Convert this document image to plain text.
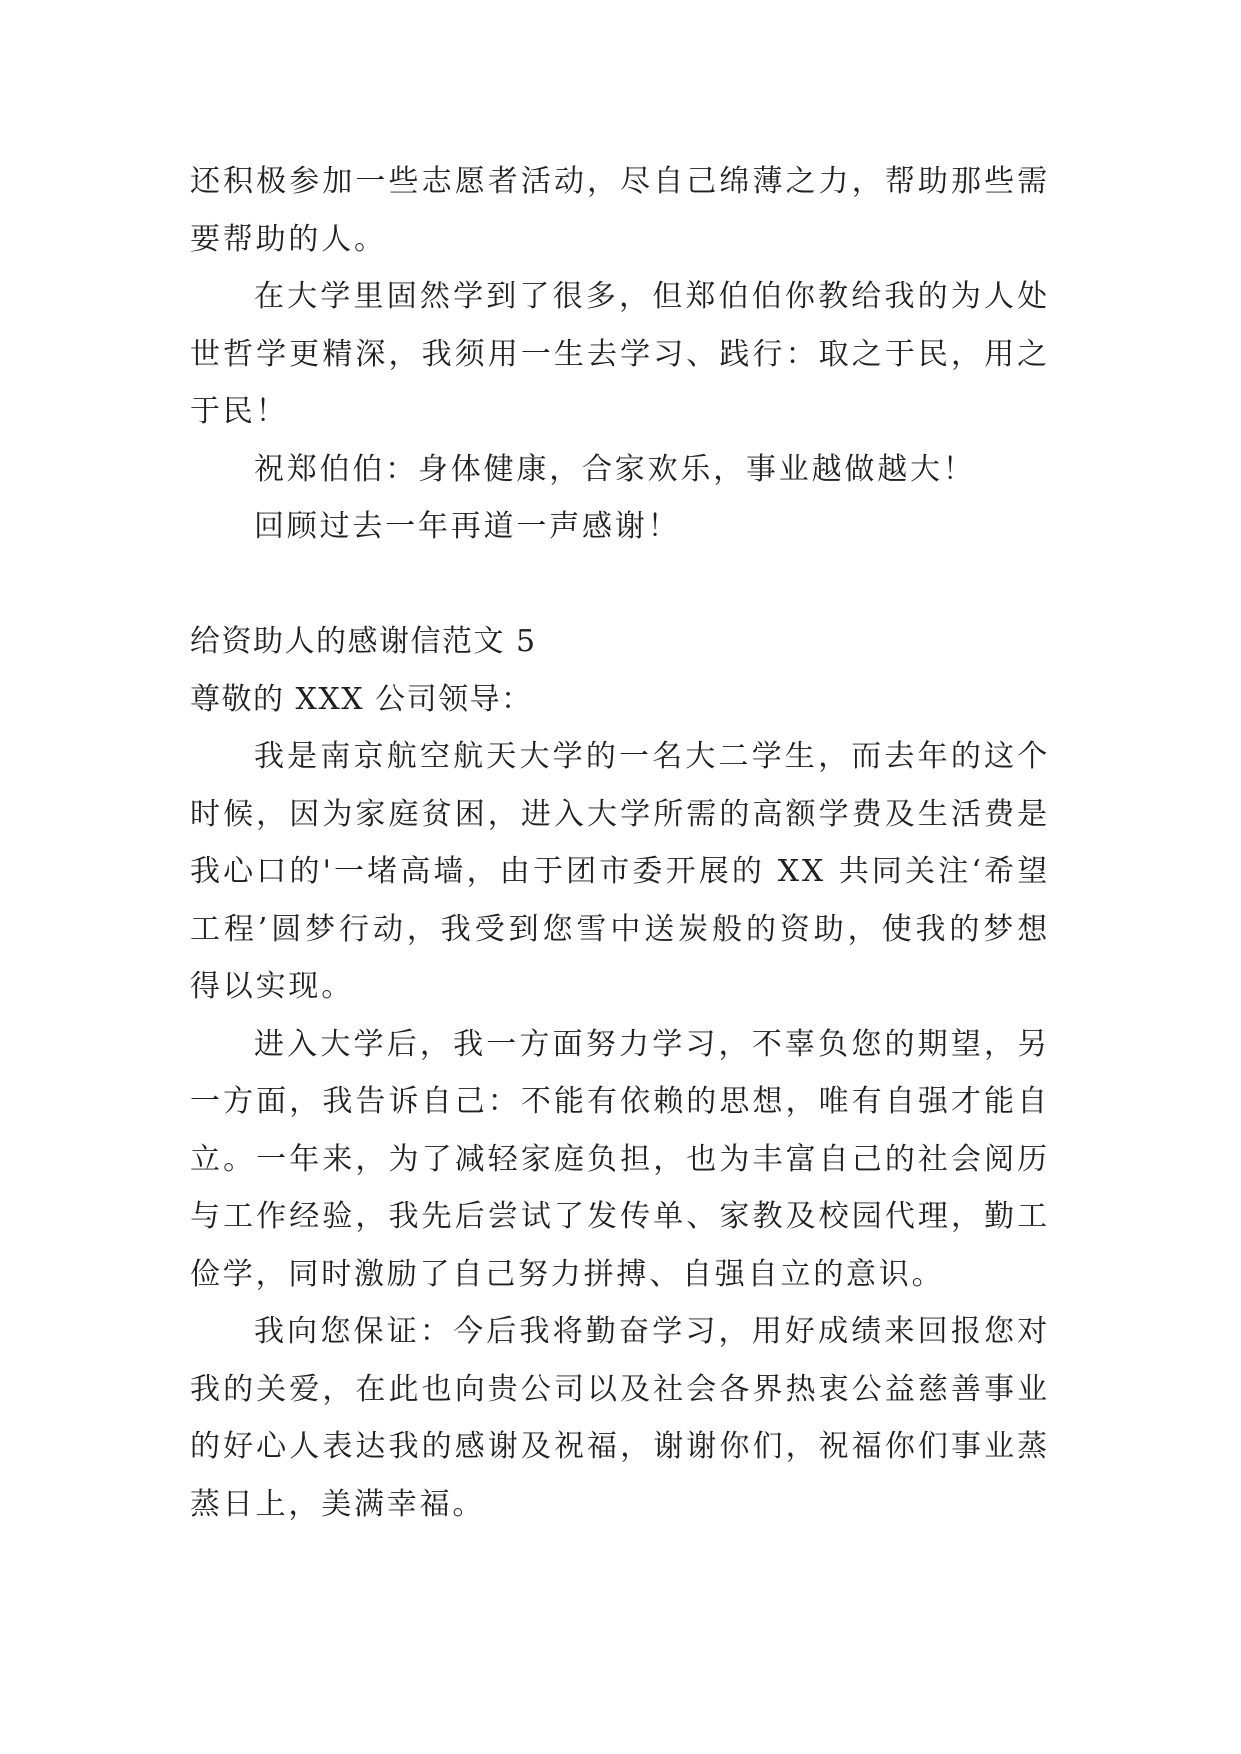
还积极参加一些志愿者活动，尽自己绵薄之力，帮助那些需要帮助的人。

在大学里固然学到了很多，但郑伯伯你教给我的为人处世哲学更精深，我须用一生去学习、践行：取之于民，用之于民！

祝郑伯伯：身体健康，合家欢乐，事业越做越大！

回顾过去一年再道一声感谢！

给资助人的感谢信范文 5

尊敬的 XXX 公司领导：

我是南京航空航天大学的一名大二学生，而去年的这个时候，因为家庭贫困，进入大学所需的高额学费及生活费是我心口的'一堵高墙，由于团市委开展的 XX 共同关注‘希望工程’圆梦行动，我受到您雪中送炭般的资助，使我的梦想得以实现。

进入大学后，我一方面努力学习，不辜负您的期望，另一方面，我告诉自己：不能有依赖的思想，唯有自强才能自立。一年来，为了减轻家庭负担，也为丰富自己的社会阅历与工作经验，我先后尝试了发传单、家教及校园代理，勤工俭学，同时激励了自己努力拼搏、自强自立的意识。

我向您保证：今后我将勤奋学习，用好成绩来回报您对我的关爱，在此也向贵公司以及社会各界热衷公益慈善事业的好心人表达我的感谢及祝福，谢谢你们，祝福你们事业蒸蒸日上，美满幸福。
